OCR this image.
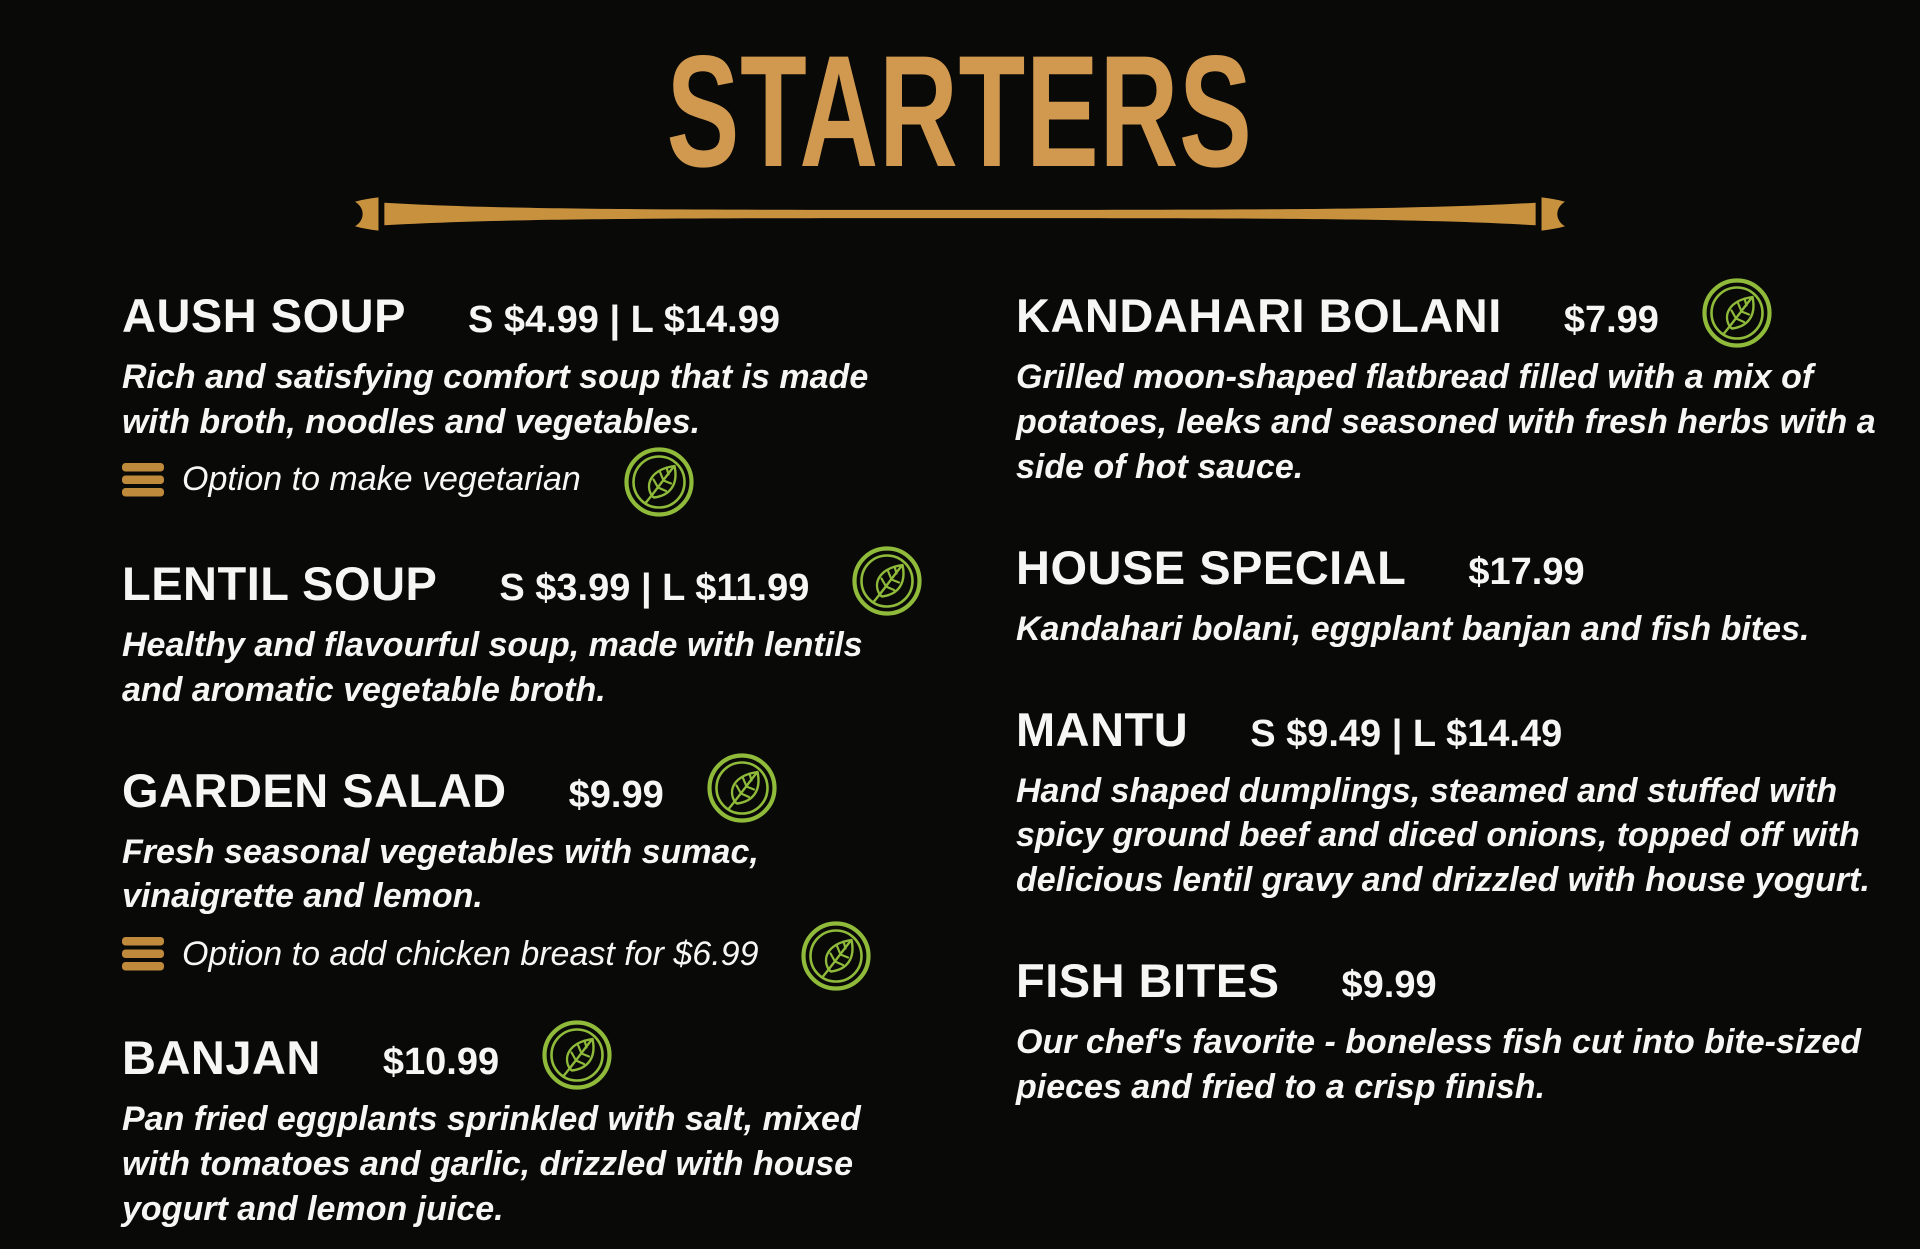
STARTERS
AUSH SOUP S $4.99 | L $14.99

Rich and satisfying comfort soup that is made with broth, noodles and vegetables.

Option to make vegetarian
LENTIL SOUP S $3.99 | L $11.99

Healthy and flavourful soup, made with lentils and aromatic vegetable broth.

GARDEN SALAD $9.99

Fresh seasonal vegetables with sumac, vinaigrette and lemon.

Option to add chicken breast for $6.99
BANJAN $10.99

Pan fried eggplants sprinkled with salt, mixed with tomatoes and garlic, drizzled with house yogurt and lemon juice.

KANDAHARI BOLANI $7.99

Grilled moon-shaped flatbread filled with a mix of potatoes, leeks and seasoned with fresh herbs with a side of hot sauce.

HOUSE SPECIAL $17.99

Kandahari bolani, eggplant banjan and fish bites.

MANTU S $9.49 | L $14.49

Hand shaped dumplings, steamed and stuffed with spicy ground beef and diced onions, topped off with delicious lentil gravy and drizzled with house yogurt.

FISH BITES $9.99

Our chef's favorite - boneless fish cut into bite-sized pieces and fried to a crisp finish.
